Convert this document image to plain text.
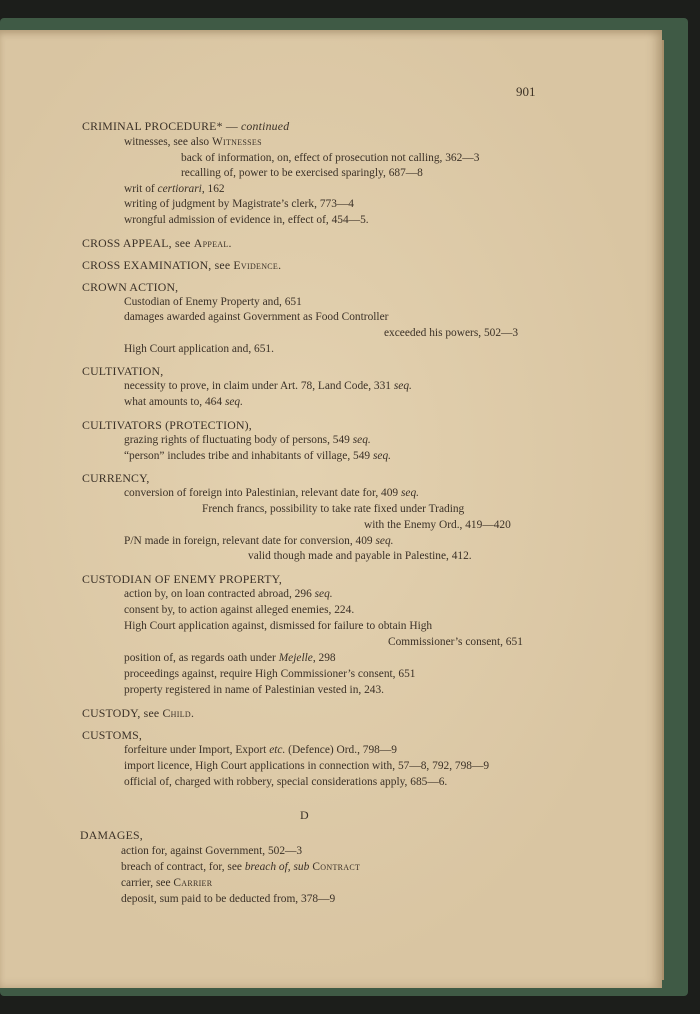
901
CRIMINAL PROCEDURE* — continued
witnesses, see also Witnesses
back of information, on, effect of prosecution not calling, 362—3
recalling of, power to be exercised sparingly, 687—8
writ of certiorari, 162
writing of judgment by Magistrate’s clerk, 773—4
wrongful admission of evidence in, effect of, 454—5.
CROSS APPEAL, see Appeal.
CROSS EXAMINATION, see Evidence.
CROWN ACTION,
Custodian of Enemy Property and, 651
damages awarded against Government as Food Controller
exceeded his powers, 502—3
High Court application and, 651.
CULTIVATION,
necessity to prove, in claim under Art. 78, Land Code, 331 seq.
what amounts to, 464 seq.
CULTIVATORS (PROTECTION),
grazing rights of fluctuating body of persons, 549 seq.
“person” includes tribe and inhabitants of village, 549 seq.
CURRENCY,
conversion of foreign into Palestinian, relevant date for, 409 seq.
French francs, possibility to take rate fixed under Trading
with the Enemy Ord., 419—420
P/N made in foreign, relevant date for conversion, 409 seq.
valid though made and payable in Palestine, 412.
CUSTODIAN OF ENEMY PROPERTY,
action by, on loan contracted abroad, 296 seq.
consent by, to action against alleged enemies, 224.
High Court application against, dismissed for failure to obtain High
Commissioner’s consent, 651
position of, as regards oath under Mejelle, 298
proceedings against, require High Commissioner’s consent, 651
property registered in name of Palestinian vested in, 243.
CUSTODY, see Child.
CUSTOMS,
forfeiture under Import, Export etc. (Defence) Ord., 798—9
import licence, High Court applications in connection with, 57—8, 792, 798—9
official of, charged with robbery, special considerations apply, 685—6.
D
DAMAGES,
action for, against Government, 502—3
breach of contract, for, see breach of, sub Contract
carrier, see Carrier
deposit, sum paid to be deducted from, 378—9
